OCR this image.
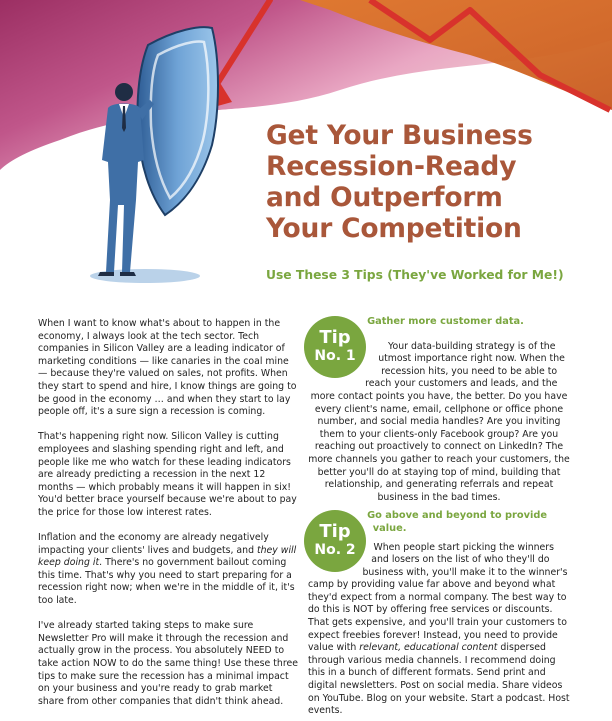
Get Your Business
Recession-Ready
and Outperform
Your Competition

Use These 3 Tips (They've Worked for Me!)

When I want to know what's about to happen in the economy, I always look at the tech sector. Tech companies in Silicon Valley are a leading indicator of marketing conditions — like canaries in the coal mine — because they're valued on sales, not profits. When they start to spend and hire, I know things are going to be good in the economy … and when they start to lay people off, it's a sure sign a recession is coming.

That's happening right now. Silicon Valley is cutting employees and slashing spending right and left, and people like me who watch for these leading indicators are already predicting a recession in the next 12 months — which probably means it will happen in six! You'd better brace yourself because we're about to pay the price for those low interest rates.

Inflation and the economy are already negatively impacting your clients' lives and budgets, and they will keep doing it. There's no government bailout coming this time. That's why you need to start preparing for a recession right now; when we're in the middle of it, it's too late.

I've already started taking steps to make sure Newsletter Pro will make it through the recession and actually grow in the process. You absolutely NEED to take action NOW to do the same thing! Use these three tips to make sure the recession has a minimal impact on your business and you're ready to grab market share from other companies that didn't think ahead.

Tip
No. 1
Gather more customer data.

Your data-building strategy is of the utmost importance right now. When the recession hits, you need to be able to reach your customers and leads, and the more contact points you have, the better. Do you have every client's name, email, cellphone or office phone number, and social media handles? Are you inviting them to your clients-only Facebook group? Are you reaching out proactively to connect on LinkedIn? The more channels you gather to reach your customers, the better you'll do at staying top of mind, building that relationship, and generating referrals and repeat business in the bad times.

Tip
No. 2
Go above and beyond to provide value.

When people start picking the winners and losers on the list of who they'll do business with, you'll make it to the winner's camp by providing value far above and beyond what they'd expect from a normal company. The best way to do this is NOT by offering free services or discounts. That gets expensive, and you'll train your customers to expect freebies forever! Instead, you need to provide value with relevant, educational content dispersed through various media channels. I recommend doing this in a bunch of different formats. Send print and digital newsletters. Post on social media. Share videos on YouTube. Blog on your website. Start a podcast. Host events.
